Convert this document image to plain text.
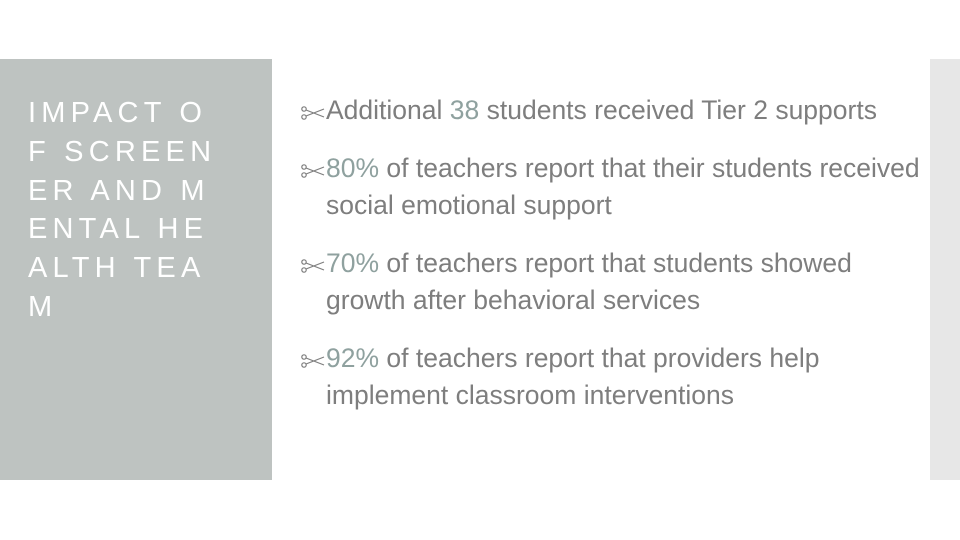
IMPACT OF SCREENER AND MENTAL HEALTH TEAM
Additional 38 students received Tier 2 supports
80% of teachers report that their students received social emotional support
70% of teachers report that students showed growth after behavioral services
92% of teachers report that providers help implement classroom interventions
